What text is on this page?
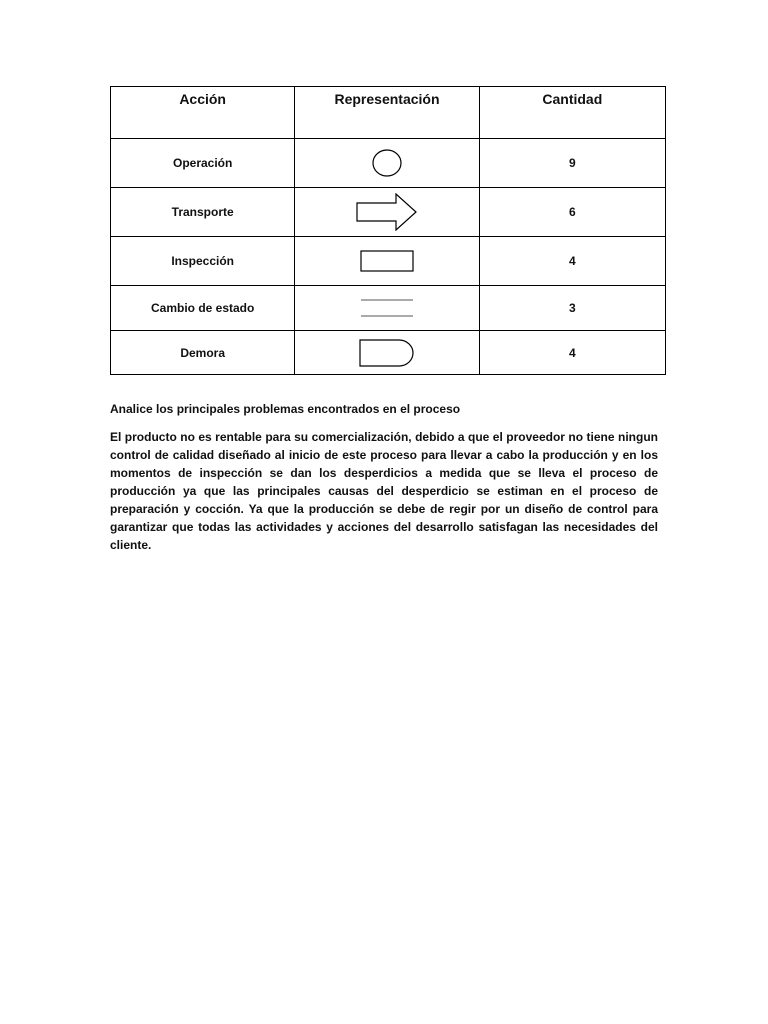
Acción	Representación	Cantidad
Operación		9
Transporte		6
Inspección		4
Cambio de estado		3
Demora		4

Analice los principales problemas encontrados en el proceso

El producto no es rentable para su comercialización, debido a que el proveedor no tiene ningun control de calidad diseñado al inicio de este proceso para llevar a cabo la producción y en los momentos de inspección se dan los desperdicios a medida que se lleva el proceso de producción ya que las principales causas del desperdicio se estiman en el proceso de preparación y cocción. Ya que la producción se debe de regir por un diseño de control para garantizar que todas las actividades y acciones del desarrollo satisfagan las necesidades del cliente.
